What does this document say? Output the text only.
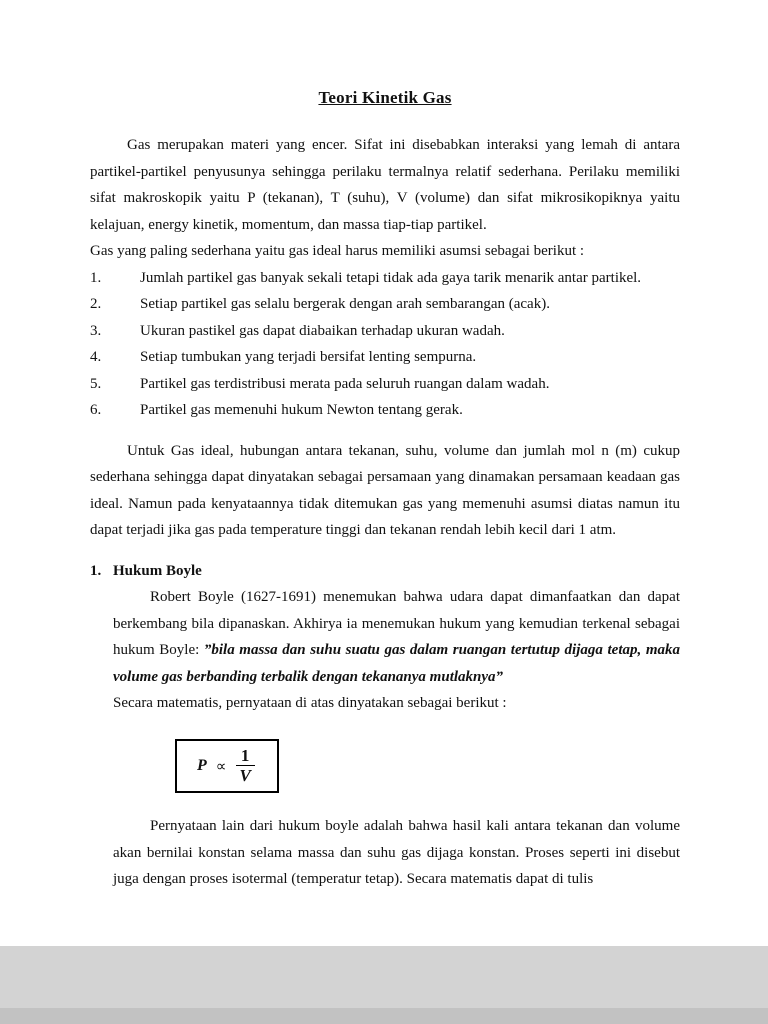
Teori Kinetik Gas

Gas merupakan materi yang encer. Sifat ini disebabkan interaksi yang lemah di antara partikel-partikel penyusunya sehingga perilaku termalnya relatif sederhana. Perilaku memiliki sifat makroskopik yaitu P (tekanan), T (suhu), V (volume) dan sifat mikrosikopiknya yaitu kelajuan, energy kinetik, momentum, dan massa tiap-tiap partikel.

Gas yang paling sederhana yaitu gas ideal harus memiliki asumsi sebagai berikut :

1.	Jumlah partikel gas banyak sekali tetapi tidak ada gaya tarik menarik antar partikel.
2.	Setiap partikel gas selalu bergerak dengan arah sembarangan (acak).
3.	Ukuran pastikel gas dapat diabaikan terhadap ukuran wadah.
4.	Setiap tumbukan yang terjadi bersifat lenting sempurna.
5.	Partikel gas terdistribusi merata pada seluruh ruangan dalam wadah.
6.	Partikel gas memenuhi hukum Newton tentang gerak.

Untuk Gas ideal, hubungan antara tekanan, suhu, volume dan jumlah mol n (m) cukup sederhana sehingga dapat dinyatakan sebagai persamaan yang dinamakan persamaan keadaan gas ideal. Namun pada kenyataannya tidak ditemukan gas yang memenuhi asumsi diatas namun itu dapat terjadi jika gas pada temperature tinggi dan tekanan rendah lebih kecil dari 1 atm.

1. Hukum Boyle

Robert Boyle (1627-1691) menemukan bahwa udara dapat dimanfaatkan dan dapat berkembang bila dipanaskan. Akhirya ia menemukan hukum yang kemudian terkenal sebagai hukum Boyle: ”bila massa dan suhu suatu gas dalam ruangan tertutup dijaga tetap, maka volume gas berbanding terbalik dengan tekananya mutlaknya”

Secara matematis, pernyataan di atas dinyatakan sebagai berikut :

$P \propto \frac{1}{V}$

Pernyataan lain dari hukum boyle adalah bahwa hasil kali antara tekanan dan volume akan bernilai konstan selama massa dan suhu gas dijaga konstan. Proses seperti ini disebut juga dengan proses isotermal (temperatur tetap). Secara matematis dapat di tulis
